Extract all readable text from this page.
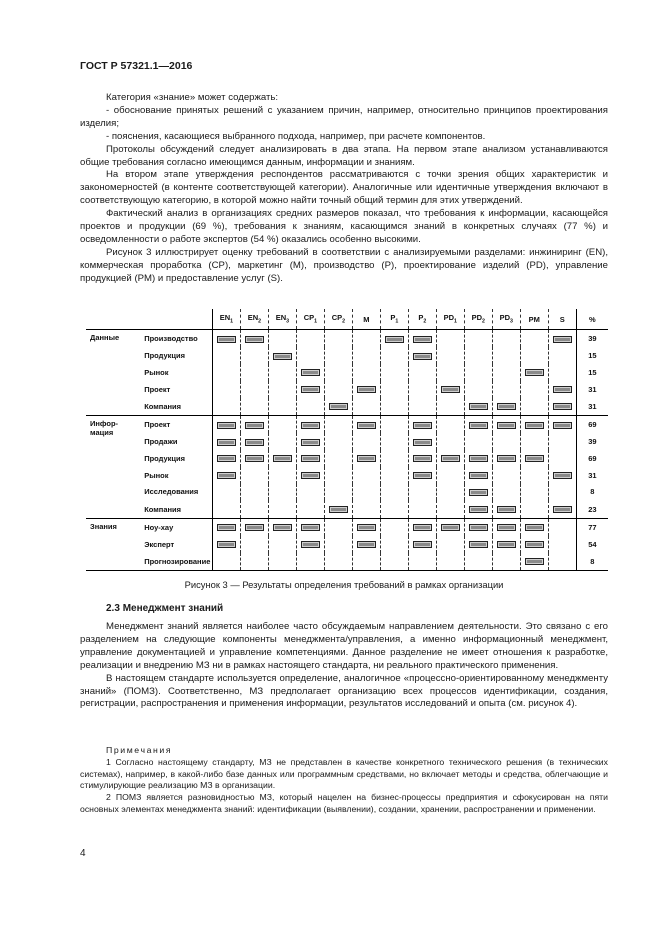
ГОСТ Р 57321.1—2016

Категория «знание» может содержать:

- обоснование принятых решений с указанием причин, например, относительно принципов проектирования изделия;

- пояснения, касающиеся выбранного подхода, например, при расчете компонентов.

Протоколы обсуждений следует анализировать в два этапа. На первом этапе анализом устанавливаются общие требования согласно имеющимся данным, информации и знаниям.

На втором этапе утверждения респондентов рассматриваются с точки зрения общих характеристик и закономерностей (в контенте соответствующей категории). Аналогичные или идентичные утверждения включают в соответствующую категорию, в которой можно найти точный общий термин для этих утверждений.

Фактический анализ в организациях средних размеров показал, что требования к информации, касающейся проектов и продукции (69 %), требования к знаниям, касающимся знаний в конкретных случаях (77 %) и осведомленности о работе экспертов (54 %) оказались особенно высокими.

Рисунок 3 иллюстрирует оценку требований в соответствии с анализируемыми разделами: инжиниринг (EN), коммерческая проработка (CP), маркетинг (M), производство (P), проектирование изделий (PD), управление продукцией (PM) и предоставление услуг (S).

		$EN_1$	$EN_2$	$EN_3$	$CP_1$	$CP_2$	M	$P_1$	$P_2$	$PD_1$	$PD_2$	$PD_3$	PM	S	%
Данные	Производство														39
	Продукция														15
	Рынок														15
	Проект														31
	Компания														31
Инфор-мация	Проект														69
	Продажи														39
	Продукция														69
	Рынок														31
	Исследования														8
	Компания														23
Знания	Ноу-хау														77
	Эксперт														54
	Прогнозирование														8
Рисунок 3 — Результаты определения требований в рамках организации
2.3 Менеджмент знаний

Менеджмент знаний является наиболее часто обсуждаемым направлением деятельности. Это связано с его разделением на следующие компоненты менеджмента/управления, а именно информационный менеджмент, управление документацией и управление компетенциями. Данное разделение не имеет отношения к разработке, реализации и внедрению МЗ ни в рамках настоящего стандарта, ни реального практического применения.

В настоящем стандарте используется определение, аналогичное «процессно-ориентированному менеджменту знаний» (ПОМЗ). Соответственно, МЗ предполагает организацию всех процессов идентификации, создания, регистрации, распространения и применения информации, результатов исследований и опыта (см. рисунок 4).

Примечания

1 Согласно настоящему стандарту, МЗ не представлен в качестве конкретного технического решения (в технических системах), например, в какой-либо базе данных или программным средствами, но включает методы и средства, облегчающие и стимулирующие реализацию МЗ в организации.

2 ПОМЗ является разновидностью МЗ, который нацелен на бизнес-процессы предприятия и сфокусирован на пяти основных элементах менеджмента знаний: идентификации (выявлении), создании, хранении, распространении и применении.

4
